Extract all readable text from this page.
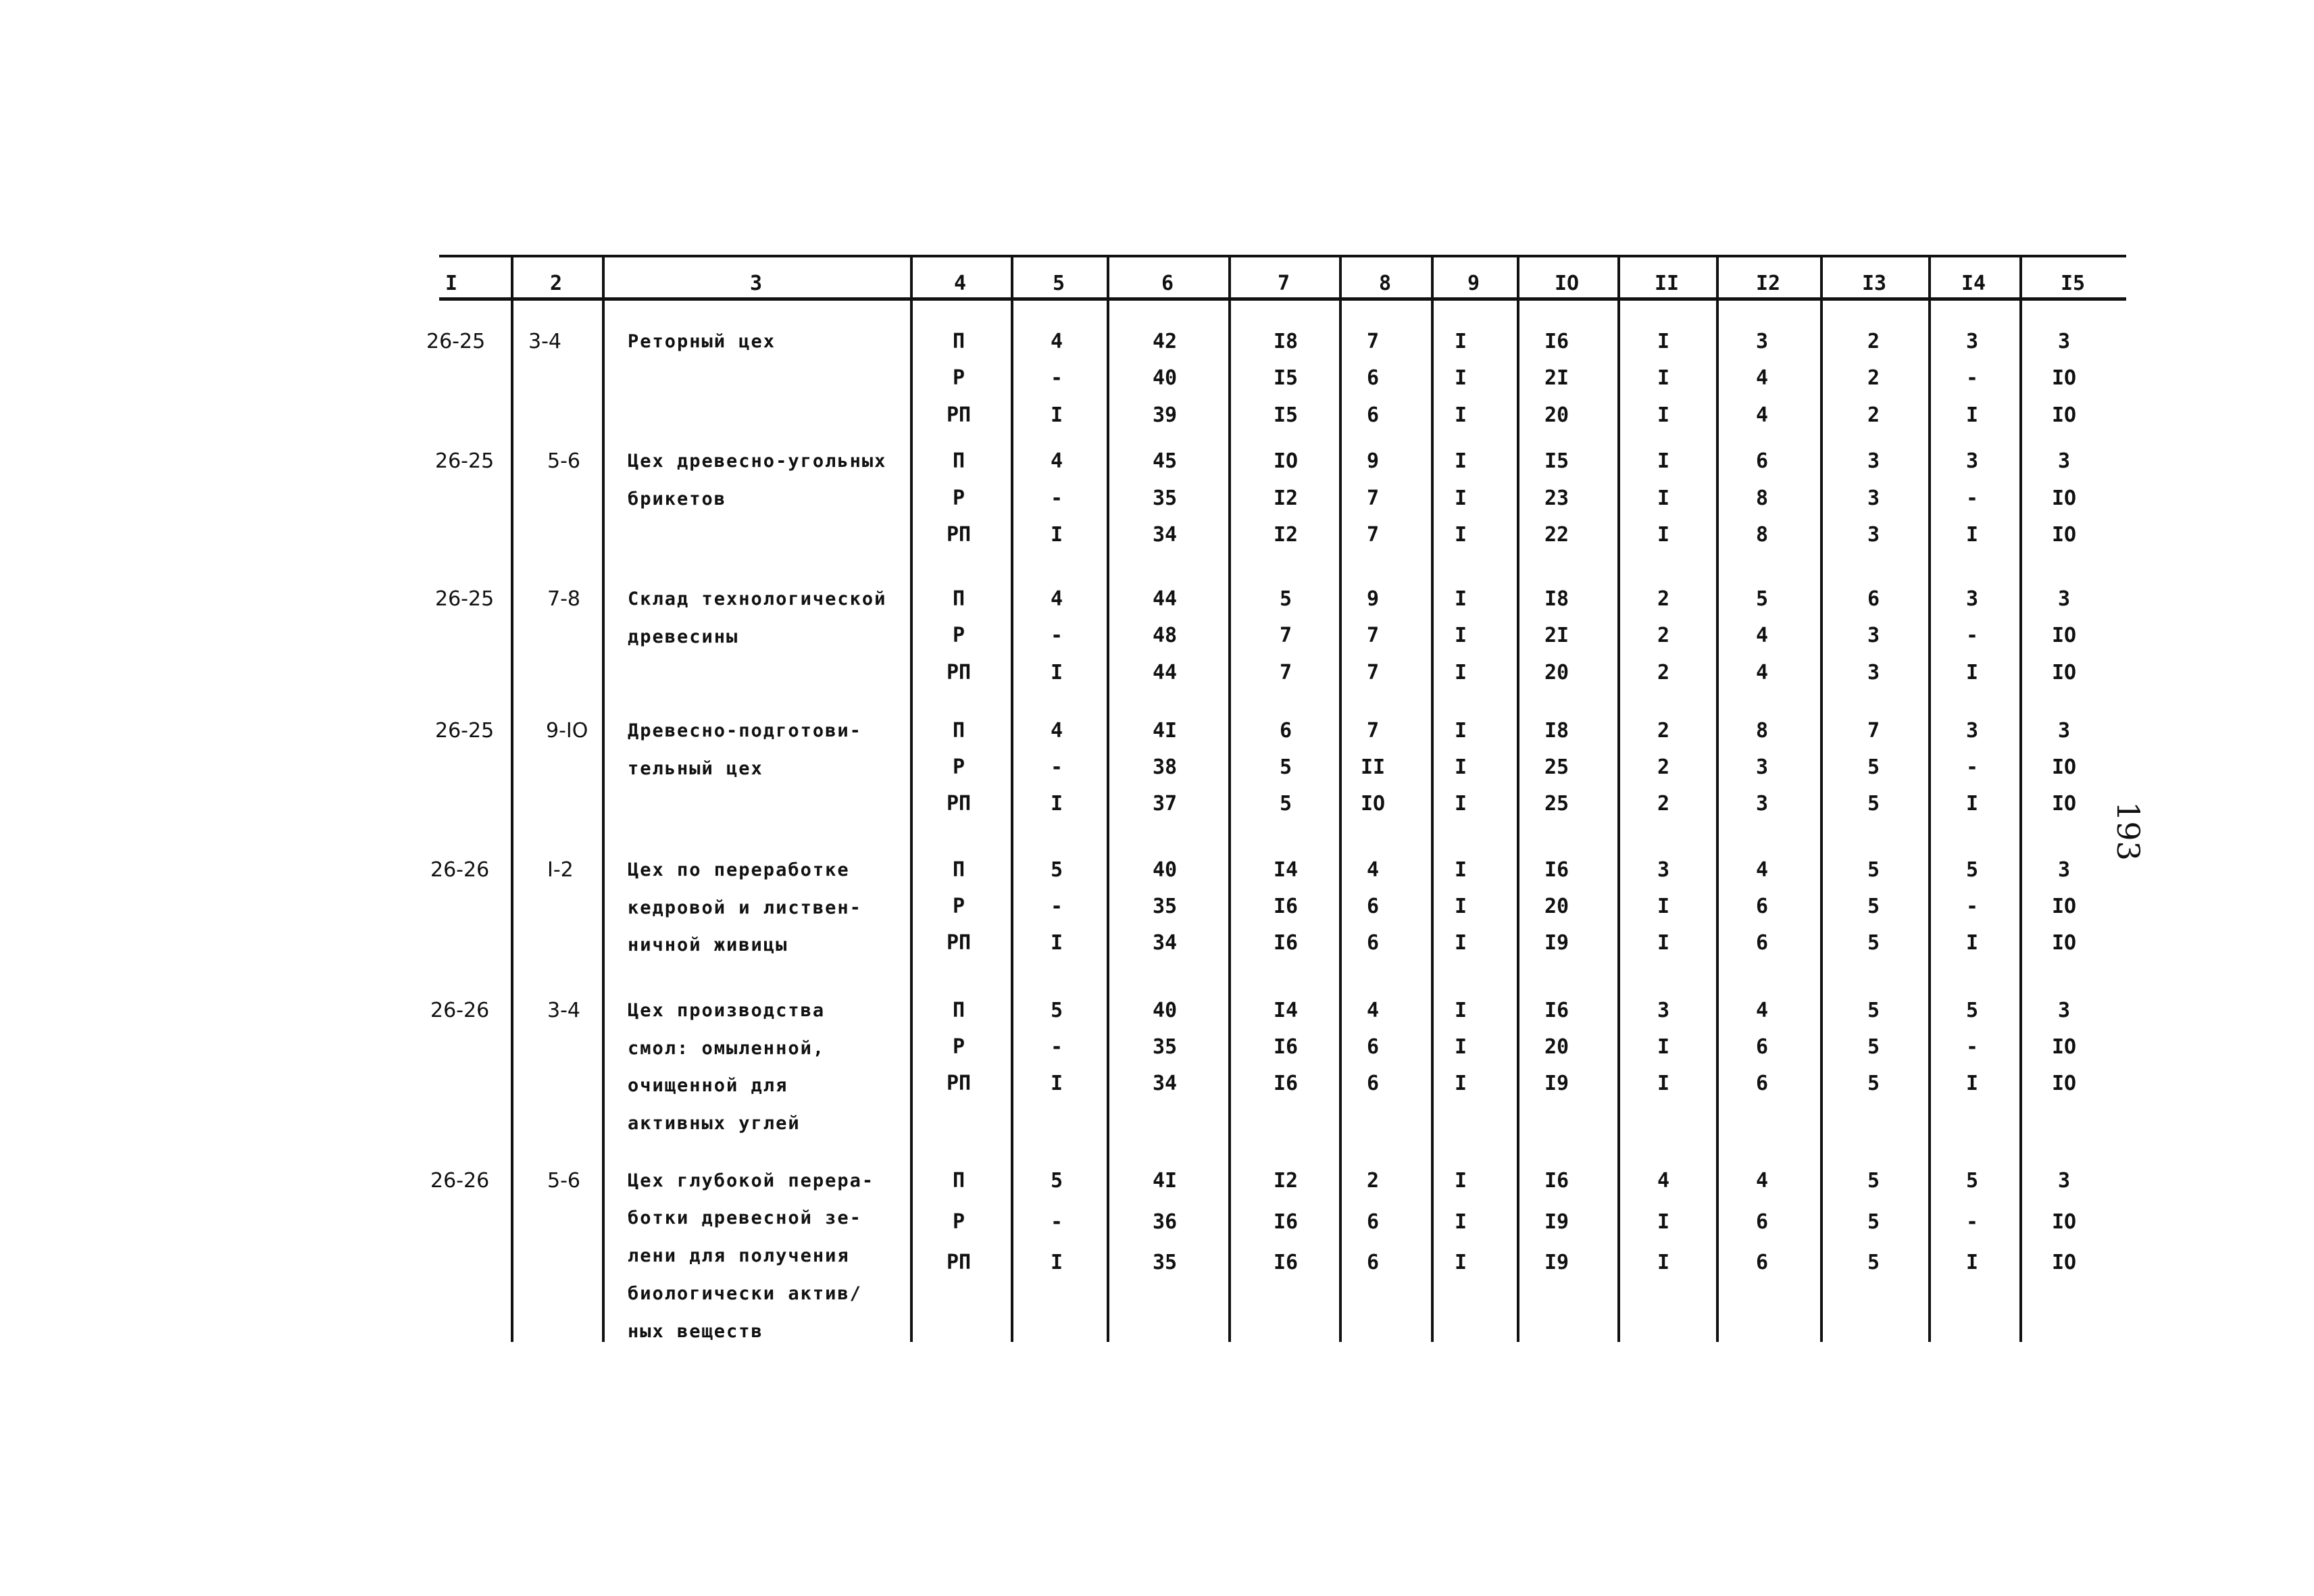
I	2	3	4	5	6	7	8	9	IO	II	I2	I3	I4	I5
26-25 3-4	Реторный цех	П	4	42	I8	7	I	I6	I	3	2	3	3
Р	-	40	I5	6	I	2I	I	4	2	-	IO
РП	I	39	I5	6	I	20	I	4	2	I	IO
26-25	5-6	Цех древесно-угольных
брикетов
П	4	45	IO	9	I	I5	I	6	3	3	3
Р	-	35	I2	7	I	23	I	8	3	-	IO
РП	I	34	I2	7	I	22	I	8	3	I	IO
26-25	7-8	Склад технологической
древесины
П	4	44	5	9	I	I8	2	5	6	3	3
Р	-	48	7	7	I	2I	2	4	3	-	IO
РП	I	44	7	7	I	20	2	4	3	I	IO
26-25	9-IO Древесно-подготови-
тельный цех
П	4	4I	6	7	I	I8	2	8	7	3	3
Р	-	38	5	II	I	25	2	3	5	-	IO
РП	I	37	5	IO	I	25	2	3	5	I	IO
26-26	I-2	Цех по переработке
кедровой и листвен-
ничной живицы
П	5	40	I4	4	I	I6	3	4	5	5	3
Р	-	35	I6	6	I	20	I	6	5	-	IO
РП	I	34	I6	6	I	I9	I	6	5	I	IO
26-26	3-4	Цех производства
смол: омыленной,
очищенной для
активных углей
П	5	40	I4	4	I	I6	3	4	5	5	3
Р	-	35	I6	6	I	20	I	6	5	-	IO
РП	I	34	I6	6	I	I9	I	6	5	I	IO
26-26	5-6	Цех глубокой перера-
ботки древесной зе-
лени для получения
биологически актив/
ных веществ
П	5	4I	I2	2	I	I6	4	4	5	5	3
Р	-	36	I6	6	I	I9	I	6	5	-	IO
РП	I	35	I6	6	I	I9	I	6	5	I	IO
193
